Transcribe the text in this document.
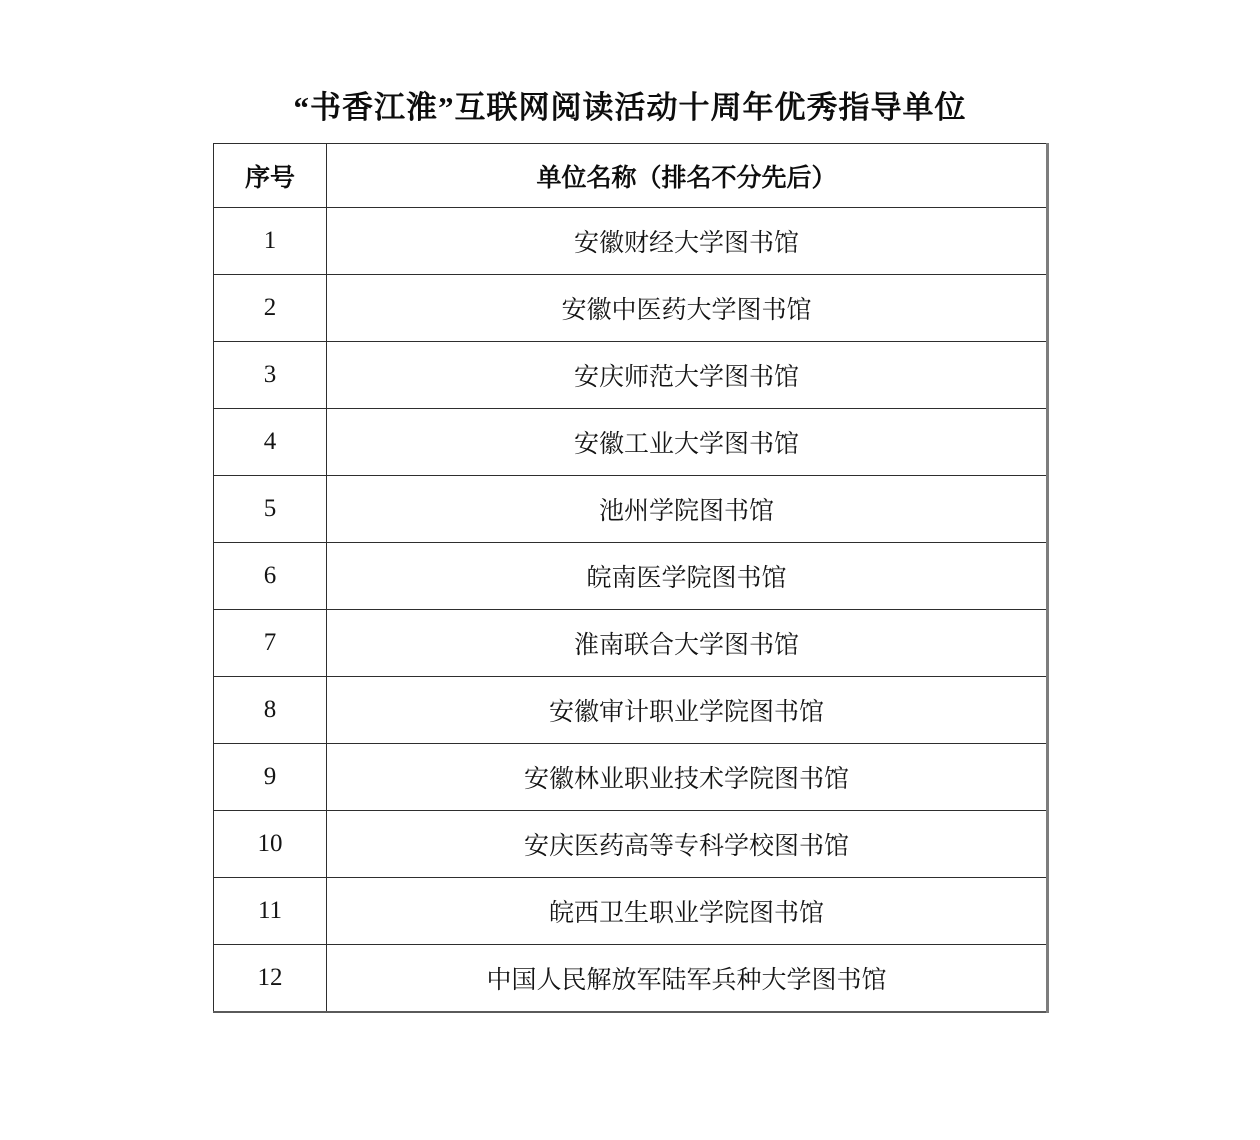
“书香江淮”互联网阅读活动十周年优秀指导单位
序号	单位名称（排名不分先后）
1	安徽财经大学图书馆
2	安徽中医药大学图书馆
3	安庆师范大学图书馆
4	安徽工业大学图书馆
5	池州学院图书馆
6	皖南医学院图书馆
7	淮南联合大学图书馆
8	安徽审计职业学院图书馆
9	安徽林业职业技术学院图书馆
10	安庆医药高等专科学校图书馆
11	皖西卫生职业学院图书馆
12	中国人民解放军陆军兵种大学图书馆
